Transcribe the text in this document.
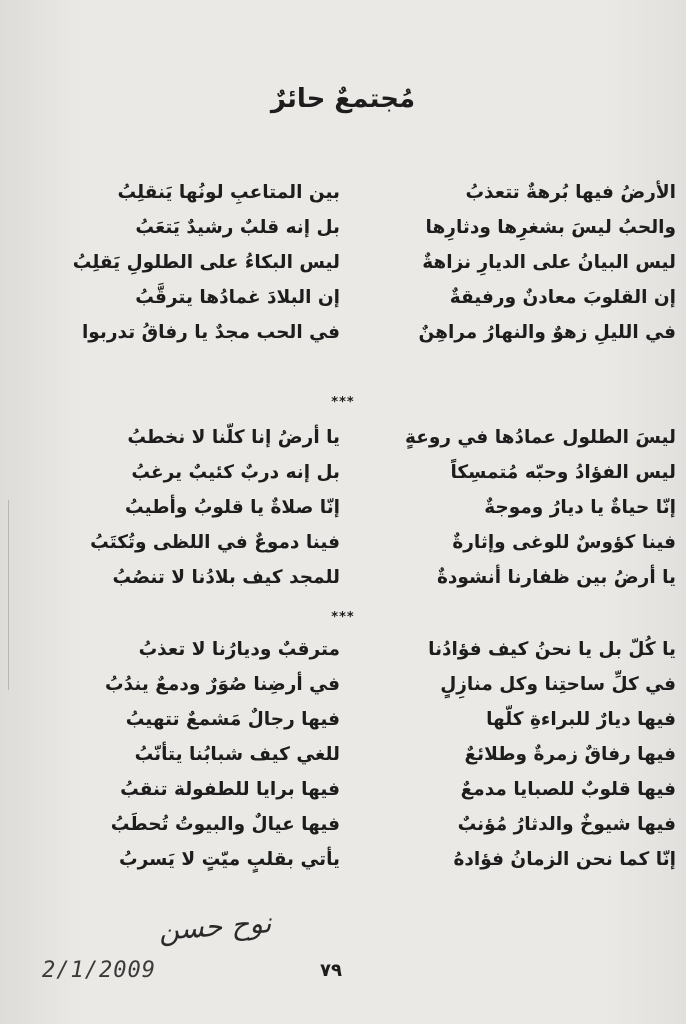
مُجتمعٌ حائرٌ
الأرضُ فيها بُرهةٌ تتعذبُ
بين المتاعبِ لونُها يَنقلِبُ
والحبُ ليسَ بشغرِها ودثارِها
بل إنه قلبٌ رشيدٌ يَتعَبُ
ليس البيانُ على الديارِ نزاهةٌ
ليس البكاءُ على الطلولِ يَقلِبُ
إن القلوبَ معادنٌ ورفيقةٌ
إن البلادَ غمادُها يترقَّبُ
في الليلِ زهوٌ والنهارُ مراهِنٌ
في الحب مجدٌ يا رفاقُ تدربوا
***
ليسَ الطلول عمادُها في روعةٍ
يا أرضُ إنا كلّنا لا نخطبُ
ليس الفؤادُ وحبّه مُتمسِكاً
بل إنه دربٌ كئيبٌ يرغبُ
إنّا حياةٌ يا ديارُ وموجةٌ
إنّا صلاةٌ يا قلوبُ وأطيبُ
فينا كؤوسٌ للوغى وإثارةٌ
فينا دموعٌ في اللظى وتُكتَبُ
يا أرضُ بين ظفارنا أنشودةٌ
للمجد كيف بلادُنا لا تنصُبُ
***
يا كُلّ بل يا نحنُ كيف فؤادُنا
مترقبٌ وديارُنا لا تعذبُ
في كلِّ ساحتِنا وكل منازِلٍ
في أرضِنا صُوَرٌ ودمعٌ يندُبُ
فيها ديارٌ للبراءةِ كلّها
فيها رجالٌ مَشمعٌ تتهيبُ
فيها رفاقٌ زمرةٌ وطلائعٌ
للغي كيف شبابُنا يتأنّبُ
فيها قلوبٌ للصبايا مدمعٌ
فيها برايا للطفولة تنقبُ
فيها شيوخٌ والدثارُ مُؤنبٌ
فيها عيالٌ والبيوتُ تُحطَبُ
إنّا كما نحن الزمانُ فؤادهُ
يأتي بقلبٍ ميّتٍ لا يَسربُ
نوح حسن
2/1/2009	٧٩
